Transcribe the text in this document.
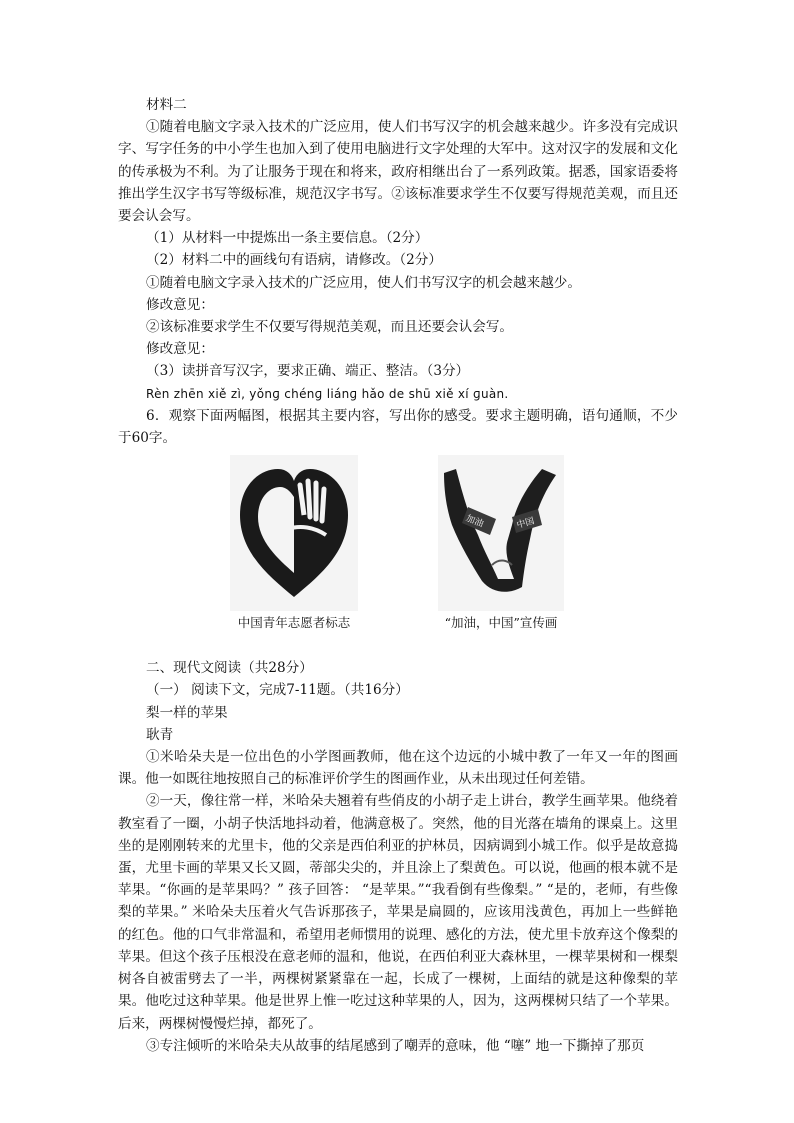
材料二

①随着电脑文字录入技术的广泛应用，使人们书写汉字的机会越来越少。许多没有完成识字、写字任务的中小学生也加入到了使用电脑进行文字处理的大军中。这对汉字的发展和文化的传承极为不利。为了让服务于现在和将来，政府相继出台了一系列政策。据悉，国家语委将推出学生汉字书写等级标准，规范汉字书写。②该标准要求学生不仅要写得规范美观，而且还要会认会写。

（1）从材料一中提炼出一条主要信息。（2分）

（2）材料二中的画线句有语病，请修改。（2分）

①随着电脑文字录入技术的广泛应用，使人们书写汉字的机会越来越少。

修改意见：

②该标准要求学生不仅要写得规范美观，而且还要会认会写。

修改意见：

（3）读拼音写汉字，要求正确、端正、整洁。（3分）

Rèn zhēn xiě zì, yǒnɡ chénɡ liánɡ hǎo de shū xiě xí ɡuàn.

6．观察下面两幅图，根据其主要内容，写出你的感受。要求主题明确，语句通顺，不少于60字。

中国青年志愿者标志
加油	中国
“加油，中国”宣传画

二、现代文阅读（共28分）

（一） 阅读下文，完成7-11题。（共16分）

梨一样的苹果

耿青

①米哈朵夫是一位出色的小学图画教师，他在这个边远的小城中教了一年又一年的图画课。他一如既往地按照自己的标准评价学生的图画作业，从未出现过任何差错。

②一天，像往常一样，米哈朵夫翘着有些俏皮的小胡子走上讲台，教学生画苹果。他绕着教室看了一圈，小胡子快活地抖动着，他满意极了。突然，他的目光落在墙角的课桌上。这里坐的是刚刚转来的尤里卡，他的父亲是西伯利亚的护林员，因病调到小城工作。似乎是故意捣蛋，尤里卡画的苹果又长又圆，蒂部尖尖的，并且涂上了梨黄色。可以说，他画的根本就不是苹果。“你画的是苹果吗？” 孩子回答： “是苹果。”“我看倒有些像梨。” “是的，老师，有些像梨的苹果。” 米哈朵夫压着火气告诉那孩子，苹果是扁圆的，应该用浅黄色，再加上一些鲜艳的红色。他的口气非常温和，希望用老师惯用的说理、感化的方法，使尤里卡放弃这个像梨的苹果。但这个孩子压根没在意老师的温和，他说，在西伯利亚大森林里，一棵苹果树和一棵梨树各自被雷劈去了一半，两棵树紧紧靠在一起，长成了一棵树，上面结的就是这种像梨的苹果。他吃过这种苹果。他是世界上惟一吃过这种苹果的人，因为，这两棵树只结了一个苹果。后来，两棵树慢慢烂掉，都死了。

③专注倾听的米哈朵夫从故事的结尾感到了嘲弄的意味，他 “噻” 地一下撕掉了那页
